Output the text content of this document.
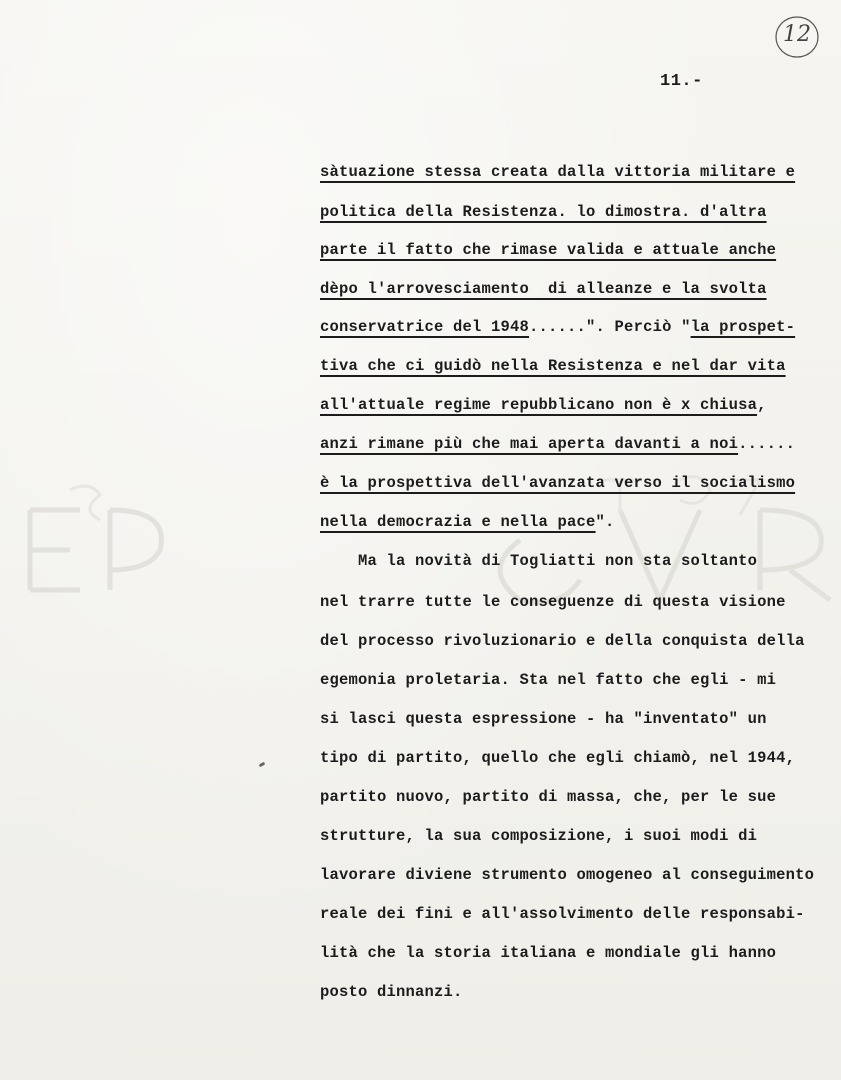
12
11.-
sàtuazione stessa creata dalla vittoria militare e
politica della Resistenza. lo dimostra. d'altra
parte il fatto che rimase valida e attuale anche
dèpo l'arrovesciamento  di alleanze e la svolta
conservatrice del 1948......". Perciò "la prospet-
tiva che ci guidò nella Resistenza e nel dar vita
all'attuale regime repubblicano non è x chiusa,
anzi rimane più che mai aperta davanti a noi......
è la prospettiva dell'avanzata verso il socialismo
nella democrazia e nella pace".
Ma la novità di Togliatti non sta soltanto
nel trarre tutte le conseguenze di questa visione
del processo rivoluzionario e della conquista della
egemonia proletaria. Sta nel fatto che egli - mi
si lasci questa espressione - ha "inventato" un
tipo di partito, quello che egli chiamò, nel 1944,
partito nuovo, partito di massa, che, per le sue
strutture, la sua composizione, i suoi modi di
lavorare diviene strumento omogeneo al conseguimento
reale dei fini e all'assolvimento delle responsabi-
lità che la storia italiana e mondiale gli hanno
posto dinnanzi.
